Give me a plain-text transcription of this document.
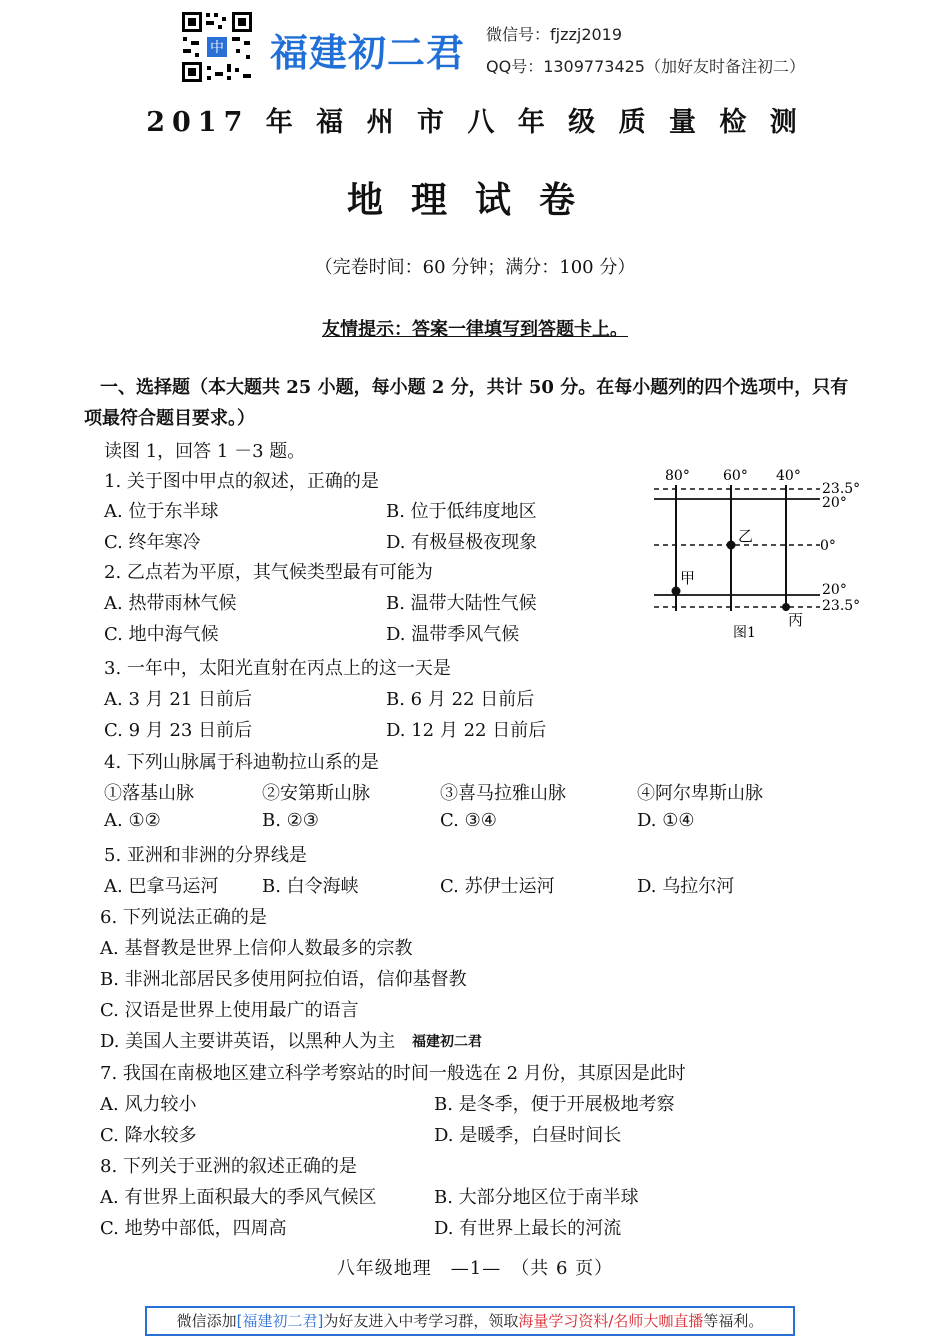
中 福建初二君 微信号：fjzzj2019
QQ号：1309773425（加好友时备注初二）
2017 年 福 州 市 八 年 级 质 量 检 测
地理试卷
（完卷时间：60 分钟；满分：100 分）
友情提示：答案一律填写到答题卡上。
一、选择题（本大题共 25 小题，每小题 2 分，共计 50 分。在每小题列的四个选项中，只有
项最符合题目要求。）
读图 1，回答 1 －3 题。
1. 关于图中甲点的叙述，正确的是
A. 位于东半球	B. 位于低纬度地区
C. 终年寒冷	D. 有极昼极夜现象
2. 乙点若为平原，其气候类型最有可能为
A. 热带雨林气候	B. 温带大陆性气候
C. 地中海气候	D. 温带季风气候
3. 一年中，太阳光直射在丙点上的这一天是
A. 3 月 21 日前后	B. 6 月 22 日前后
C. 9 月 23 日前后	D. 12 月 22 日前后
4. 下列山脉属于科迪勒拉山系的是
①落基山脉	②安第斯山脉	③喜马拉雅山脉	④阿尔卑斯山脉
A. ①②	B. ②③	C. ③④	D. ①④
5. 亚洲和非洲的分界线是
A. 巴拿马运河 B. 白令海峡	C. 苏伊士运河	D. 乌拉尔河
6. 下列说法正确的是
A. 基督教是世界上信仰人数最多的宗教
B. 非洲北部居民多使用阿拉伯语，信仰基督教
C. 汉语是世界上使用最广的语言
D. 美国人主要讲英语，以黑种人为主 福建初二君
7. 我国在南极地区建立科学考察站的时间一般选在 2 月份，其原因是此时
A. 风力较小	B. 是冬季，便于开展极地考察
C. 降水较多	D. 是暖季，白昼时间长
8. 下列关于亚洲的叙述正确的是
A. 有世界上面积最大的季风气候区	B. 大部分地区位于南半球
C. 地势中部低，四周高	D. 有世界上最长的河流
80° 60° 40°
23.5°
20°
0°
20°
23.5°
甲
乙
丙
图1
八年级地理　—1—　（共 6 页）
微信添加[福建初二君]为好友进入中考学习群，领取海量学习资料/名师大咖直播等福利。
